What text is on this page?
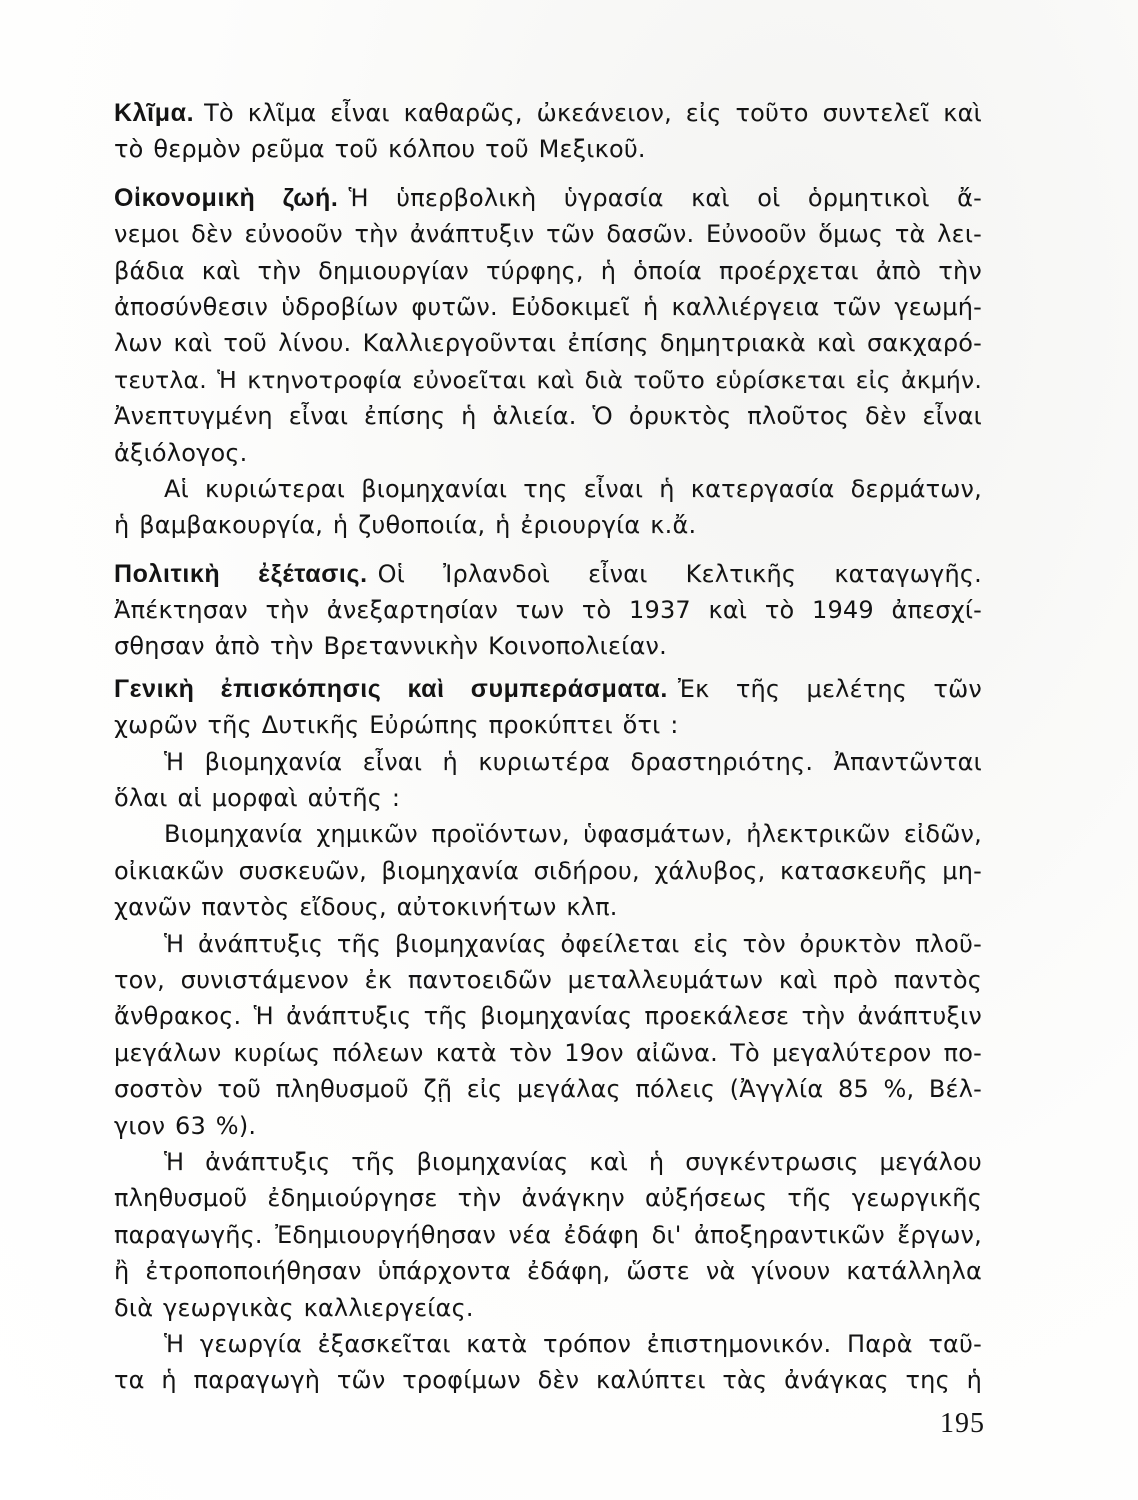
Κλῖμα. Τὸ κλῖμα εἶναι καθαρῶς, ὠκεάνειον, εἰς τοῦτο συντελεῖ καὶ
τὸ θερμὸν ρεῦμα τοῦ κόλπου τοῦ Μεξικοῦ.
Οἰκονομικὴ ζωή. Ἡ ὑπερβολικὴ ὑγρασία καὶ οἱ ὁρμητικοὶ ἄ-
νεμοι δὲν εὐνοοῦν τὴν ἀνάπτυξιν τῶν δασῶν. Εὐνοοῦν ὅμως τὰ λει-
βάδια καὶ τὴν δημιουργίαν τύρφης, ἡ ὁποία προέρχεται ἀπὸ τὴν
ἀποσύνθεσιν ὑδροβίων φυτῶν. Εὐδοκιμεῖ ἡ καλλιέργεια τῶν γεωμή-
λων καὶ τοῦ λίνου. Καλλιεργοῦνται ἐπίσης δημητριακὰ καὶ σακχαρό-
τευτλα. Ἡ κτηνοτροφία εὐνοεῖται καὶ διὰ τοῦτο εὑρίσκεται εἰς ἀκμήν.
Ἀνεπτυγμένη εἶναι ἐπίσης ἡ ἁλιεία. Ὁ ὀρυκτὸς πλοῦτος δὲν εἶναι
ἀξιόλογος.
Αἱ κυριώτεραι βιομηχανίαι της εἶναι ἡ κατεργασία δερμάτων,
ἡ βαμβακουργία, ἡ ζυθοποιία, ἡ ἐριουργία κ.ἄ.
Πολιτικὴ ἐξέτασις. Οἱ Ἰρλανδοὶ εἶναι Κελτικῆς καταγωγῆς.
Ἀπέκτησαν τὴν ἀνεξαρτησίαν των τὸ 1937 καὶ τὸ 1949 ἀπεσχί-
σθησαν ἀπὸ τὴν Βρεταννικὴν Κοινοπολιείαν.
Γενικὴ ἐπισκόπησις καὶ συμπεράσματα. Ἐκ τῆς μελέτης τῶν
χωρῶν τῆς Δυτικῆς Εὐρώπης προκύπτει ὅτι :
Ἡ βιομηχανία εἶναι ἡ κυριωτέρα δραστηριότης. Ἀπαντῶνται
ὅλαι αἱ μορφαὶ αὐτῆς :
Βιομηχανία χημικῶν προϊόντων, ὑφασμάτων, ἠλεκτρικῶν εἰδῶν,
οἰκιακῶν συσκευῶν, βιομηχανία σιδήρου, χάλυβος, κατασκευῆς μη-
χανῶν παντὸς εἴδους, αὐτοκινήτων κλπ.
Ἡ ἀνάπτυξις τῆς βιομηχανίας ὀφείλεται εἰς τὸν ὀρυκτὸν πλοῦ-
τον, συνιστάμενον ἐκ παντοειδῶν μεταλλευμάτων καὶ πρὸ παντὸς
ἄνθρακος. Ἡ ἀνάπτυξις τῆς βιομηχανίας προεκάλεσε τὴν ἀνάπτυξιν
μεγάλων κυρίως πόλεων κατὰ τὸν 19ον αἰῶνα. Τὸ μεγαλύτερον πο-
σοστὸν τοῦ πληθυσμοῦ ζῇ εἰς μεγάλας πόλεις (Ἀγγλία 85 %, Βέλ-
γιον 63 %).
Ἡ ἀνάπτυξις τῆς βιομηχανίας καὶ ἡ συγκέντρωσις μεγάλου
πληθυσμοῦ ἐδημιούργησε τὴν ἀνάγκην αὐξήσεως τῆς γεωργικῆς
παραγωγῆς. Ἐδημιουργήθησαν νέα ἐδάφη δι' ἀποξηραντικῶν ἔργων,
ἢ ἐτροποποιήθησαν ὑπάρχοντα ἐδάφη, ὥστε νὰ γίνουν κατάλληλα
διὰ γεωργικὰς καλλιεργείας.
Ἡ γεωργία ἐξασκεῖται κατὰ τρόπον ἐπιστημονικόν. Παρὰ ταῦ-
τα ἡ παραγωγὴ τῶν τροφίμων δὲν καλύπτει τὰς ἀνάγκας της ἡ
195
